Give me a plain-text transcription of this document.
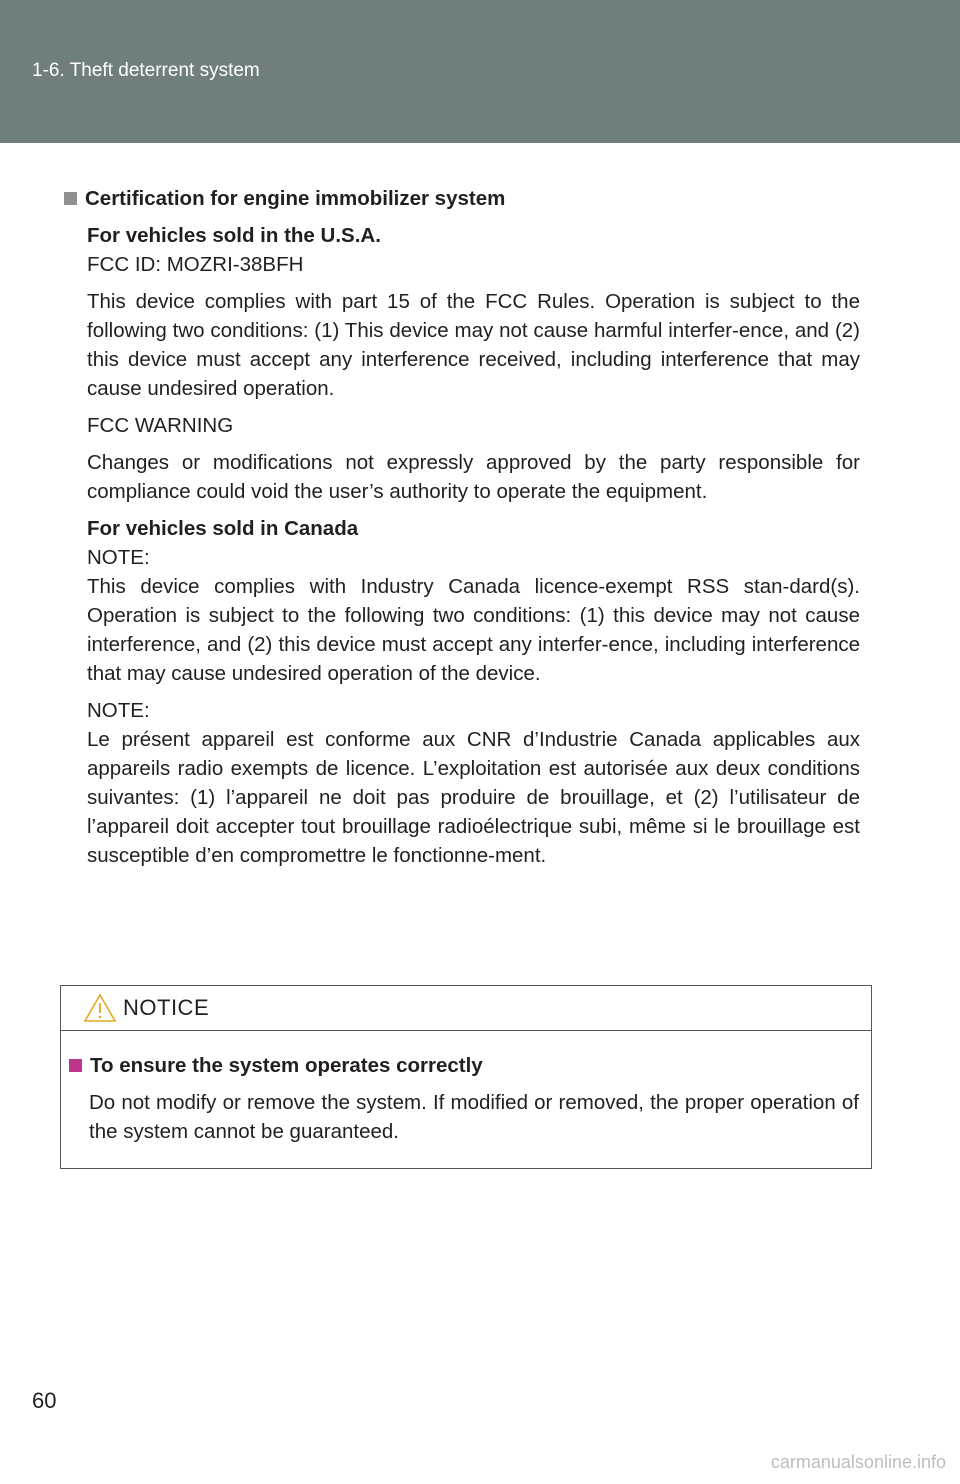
1-6. Theft deterrent system
Certification for engine immobilizer system

For vehicles sold in the U.S.A.

FCC ID: MOZRI-38BFH

This device complies with part 15 of the FCC Rules. Operation is subject to the following two conditions: (1) This device may not cause harmful interfer-ence, and (2) this device must accept any interference received, including interference that may cause undesired operation.

FCC WARNING

Changes or modifications not expressly approved by the party responsible for compliance could void the user’s authority to operate the equipment.

For vehicles sold in Canada

NOTE:

This device complies with Industry Canada licence-exempt RSS stan-dard(s). Operation is subject to the following two conditions: (1) this device may not cause interference, and (2) this device must accept any interfer-ence, including interference that may cause undesired operation of the device.

NOTE:

Le présent appareil est conforme aux CNR d’Industrie Canada applicables aux appareils radio exempts de licence. L’exploitation est autorisée aux deux conditions suivantes: (1) l’appareil ne doit pas produire de brouillage, et (2) l’utilisateur de l’appareil doit accepter tout brouillage radioélectrique subi, même si le brouillage est susceptible d’en compromettre le fonctionne-ment.

NOTICE
To ensure the system operates correctly

Do not modify or remove the system. If modified or removed, the proper operation of the system cannot be guaranteed.

60
carmanualsonline.info
